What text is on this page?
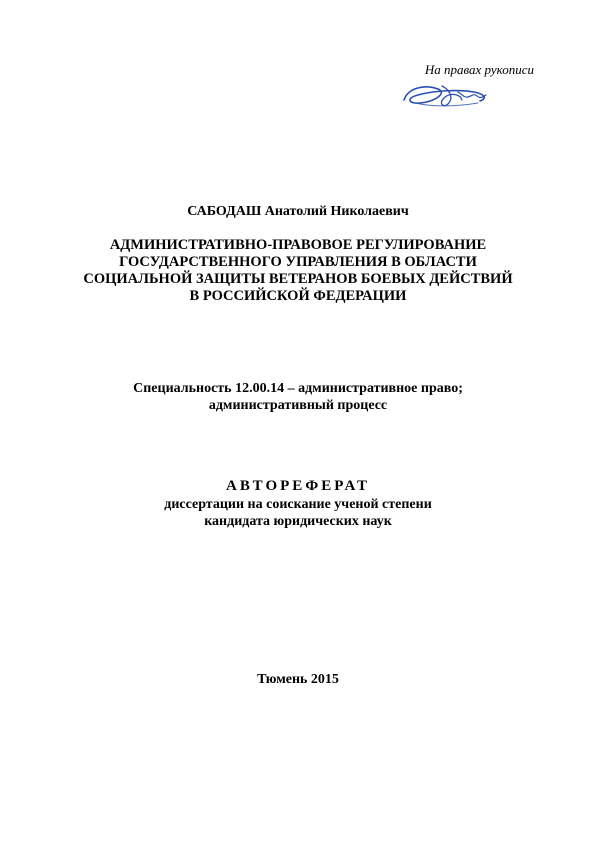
На правах рукописи
САБОДАШ Анатолий Николаевич
АДМИНИСТРАТИВНО-ПРАВОВОЕ РЕГУЛИРОВАНИЕ
ГОСУДАРСТВЕННОГО УПРАВЛЕНИЯ В ОБЛАСТИ
СОЦИАЛЬНОЙ ЗАЩИТЫ ВЕТЕРАНОВ БОЕВЫХ ДЕЙСТВИЙ
В РОССИЙСКОЙ ФЕДЕРАЦИИ
Специальность 12.00.14 – административное право;
административный процесс
АВТОРЕФЕРАТ
диссертации на соискание ученой степени
кандидата юридических наук
Тюмень 2015
